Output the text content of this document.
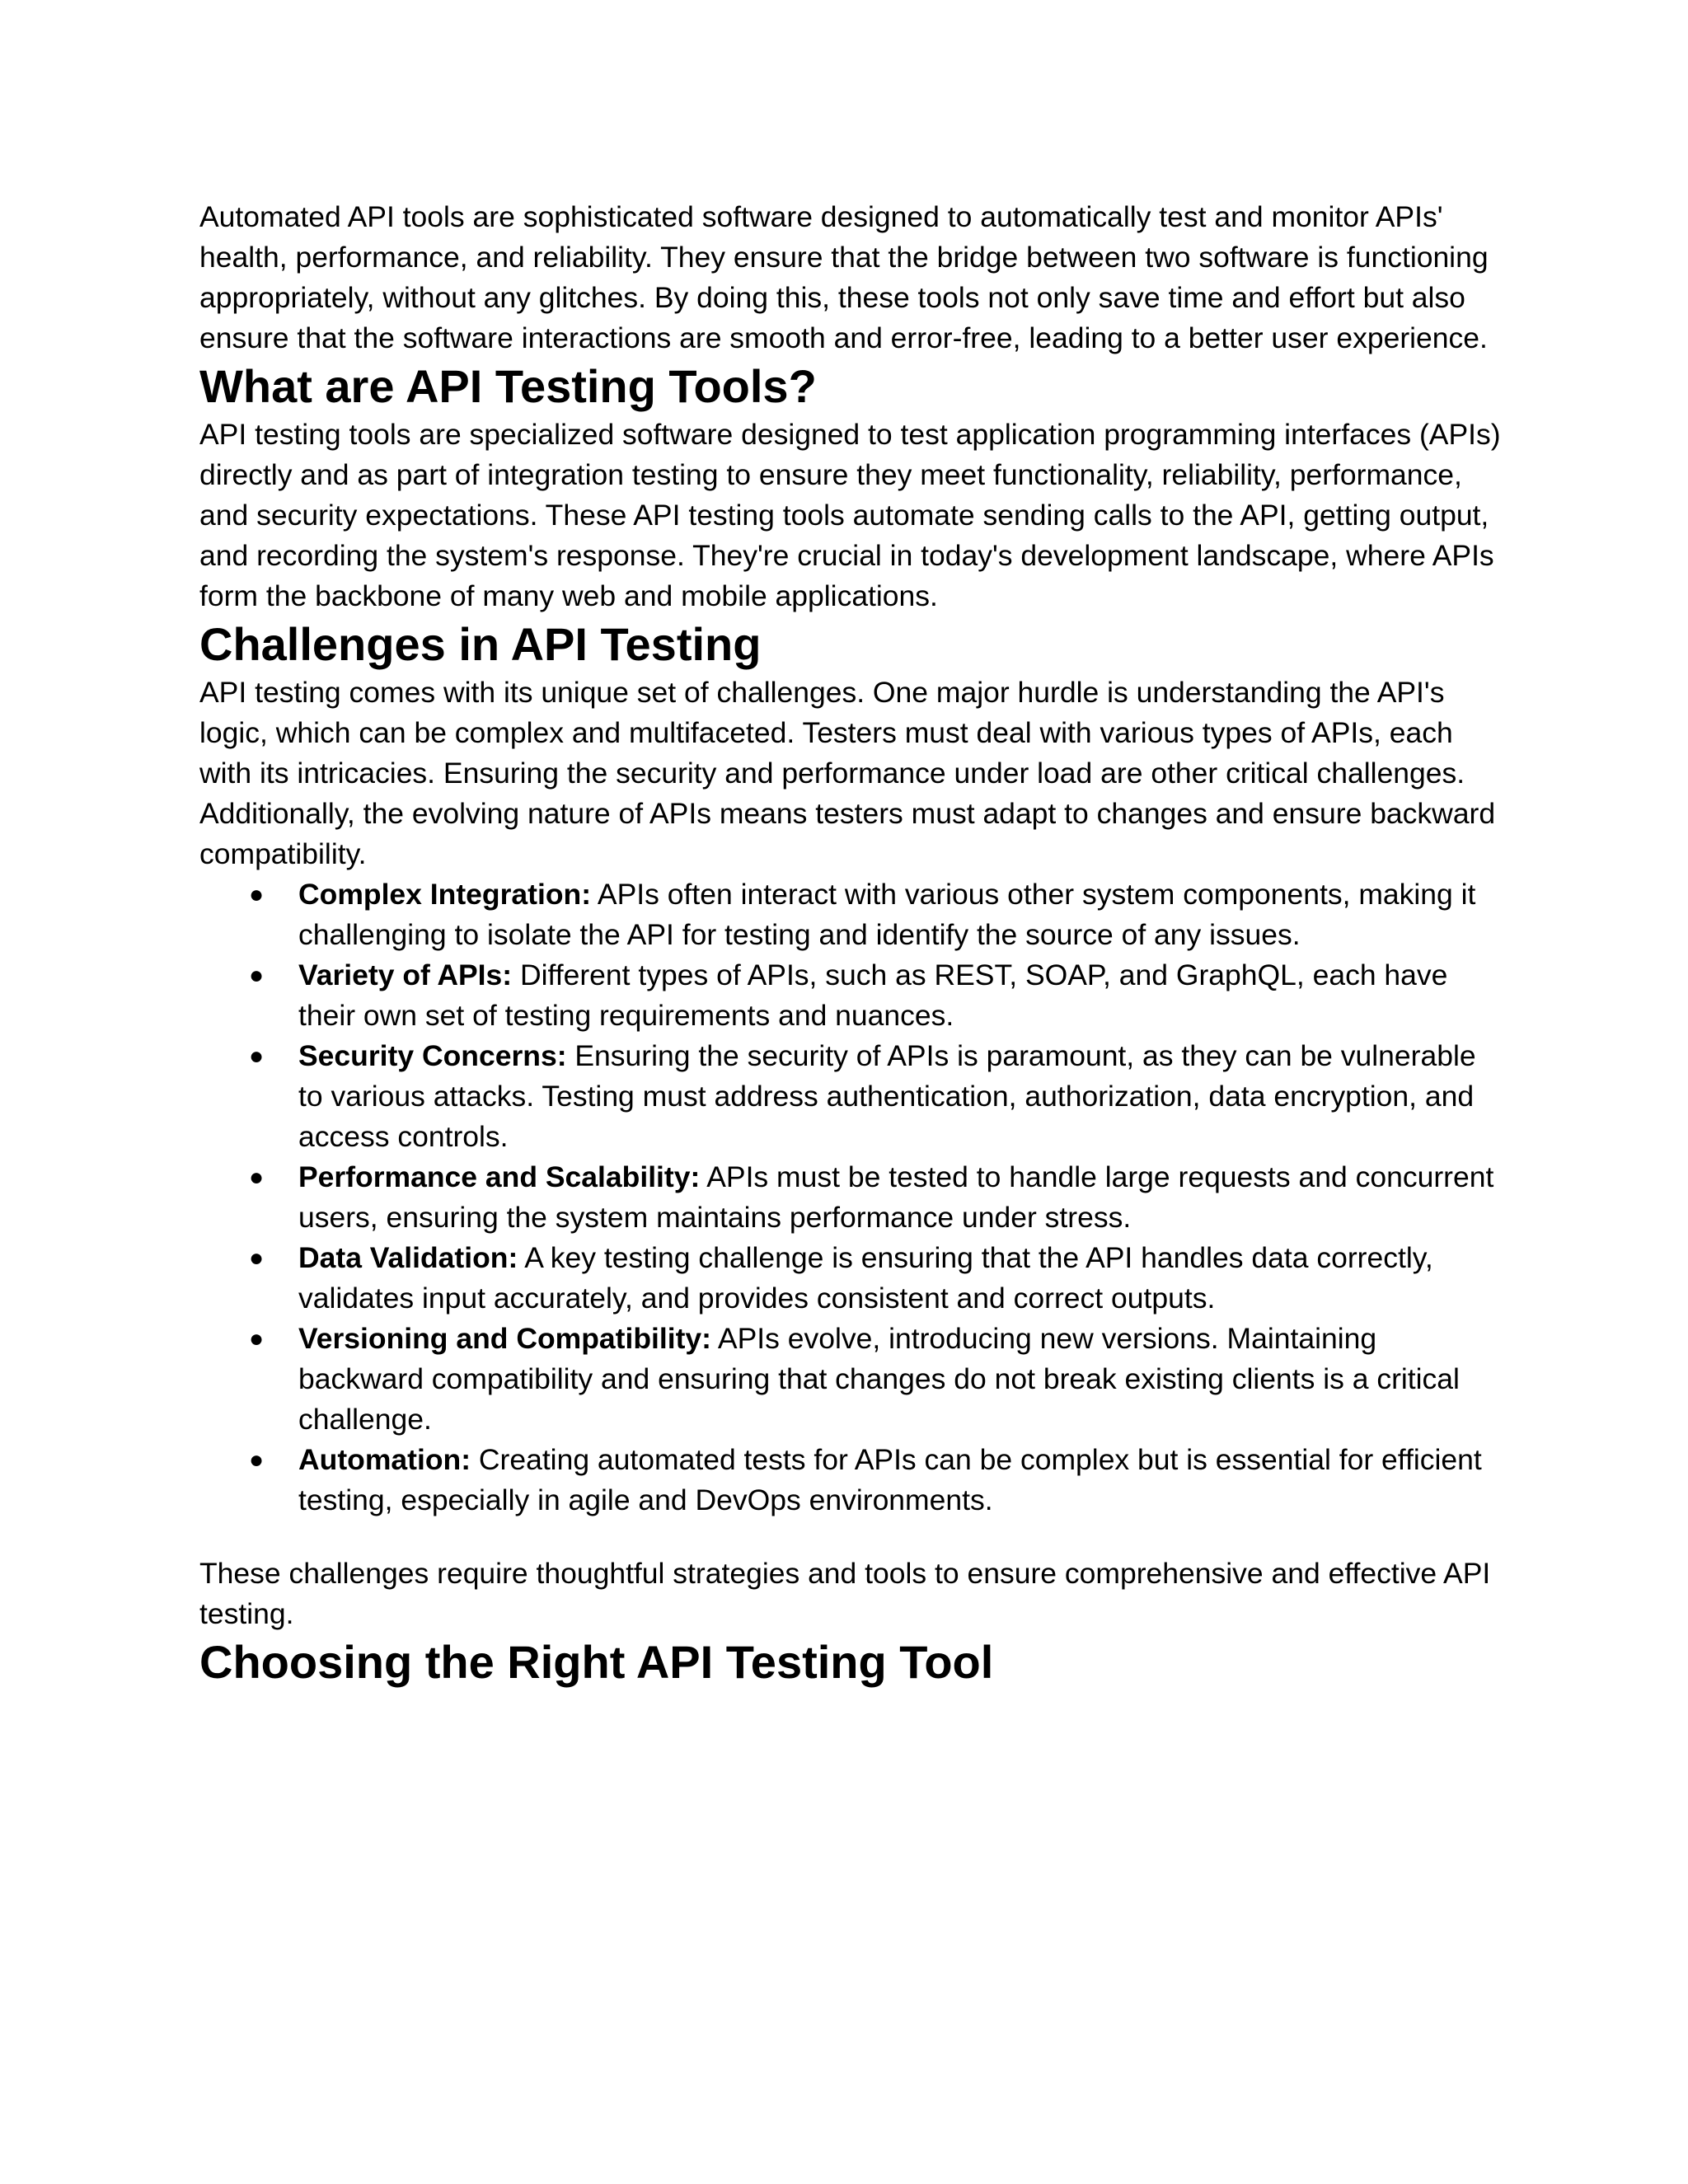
Automated API tools are sophisticated software designed to automatically test and monitor APIs' health, performance, and reliability. They ensure that the bridge between two software is functioning appropriately, without any glitches. By doing this, these tools not only save time and effort but also ensure that the software interactions are smooth and error-free, leading to a better user experience.

What are API Testing Tools?

API testing tools are specialized software designed to test application programming interfaces (APIs) directly and as part of integration testing to ensure they meet functionality, reliability, performance, and security expectations. These API testing tools automate sending calls to the API, getting output, and recording the system's response. They're crucial in today's development landscape, where APIs form the backbone of many web and mobile applications.

Challenges in API Testing

API testing comes with its unique set of challenges. One major hurdle is understanding the API's logic, which can be complex and multifaceted. Testers must deal with various types of APIs, each with its intricacies. Ensuring the security and performance under load are other critical challenges. Additionally, the evolving nature of APIs means testers must adapt to changes and ensure backward compatibility.

● Complex Integration: APIs often interact with various other system components, making it challenging to isolate the API for testing and identify the source of any issues.
● Variety of APIs: Different types of APIs, such as REST, SOAP, and GraphQL, each have their own set of testing requirements and nuances.
● Security Concerns: Ensuring the security of APIs is paramount, as they can be vulnerable to various attacks. Testing must address authentication, authorization, data encryption, and access controls.
● Performance and Scalability: APIs must be tested to handle large requests and concurrent users, ensuring the system maintains performance under stress.
● Data Validation: A key testing challenge is ensuring that the API handles data correctly, validates input accurately, and provides consistent and correct outputs.
● Versioning and Compatibility: APIs evolve, introducing new versions. Maintaining backward compatibility and ensuring that changes do not break existing clients is a critical challenge.
● Automation: Creating automated tests for APIs can be complex but is essential for efficient testing, especially in agile and DevOps environments.

These challenges require thoughtful strategies and tools to ensure comprehensive and effective API testing.

Choosing the Right API Testing Tool
